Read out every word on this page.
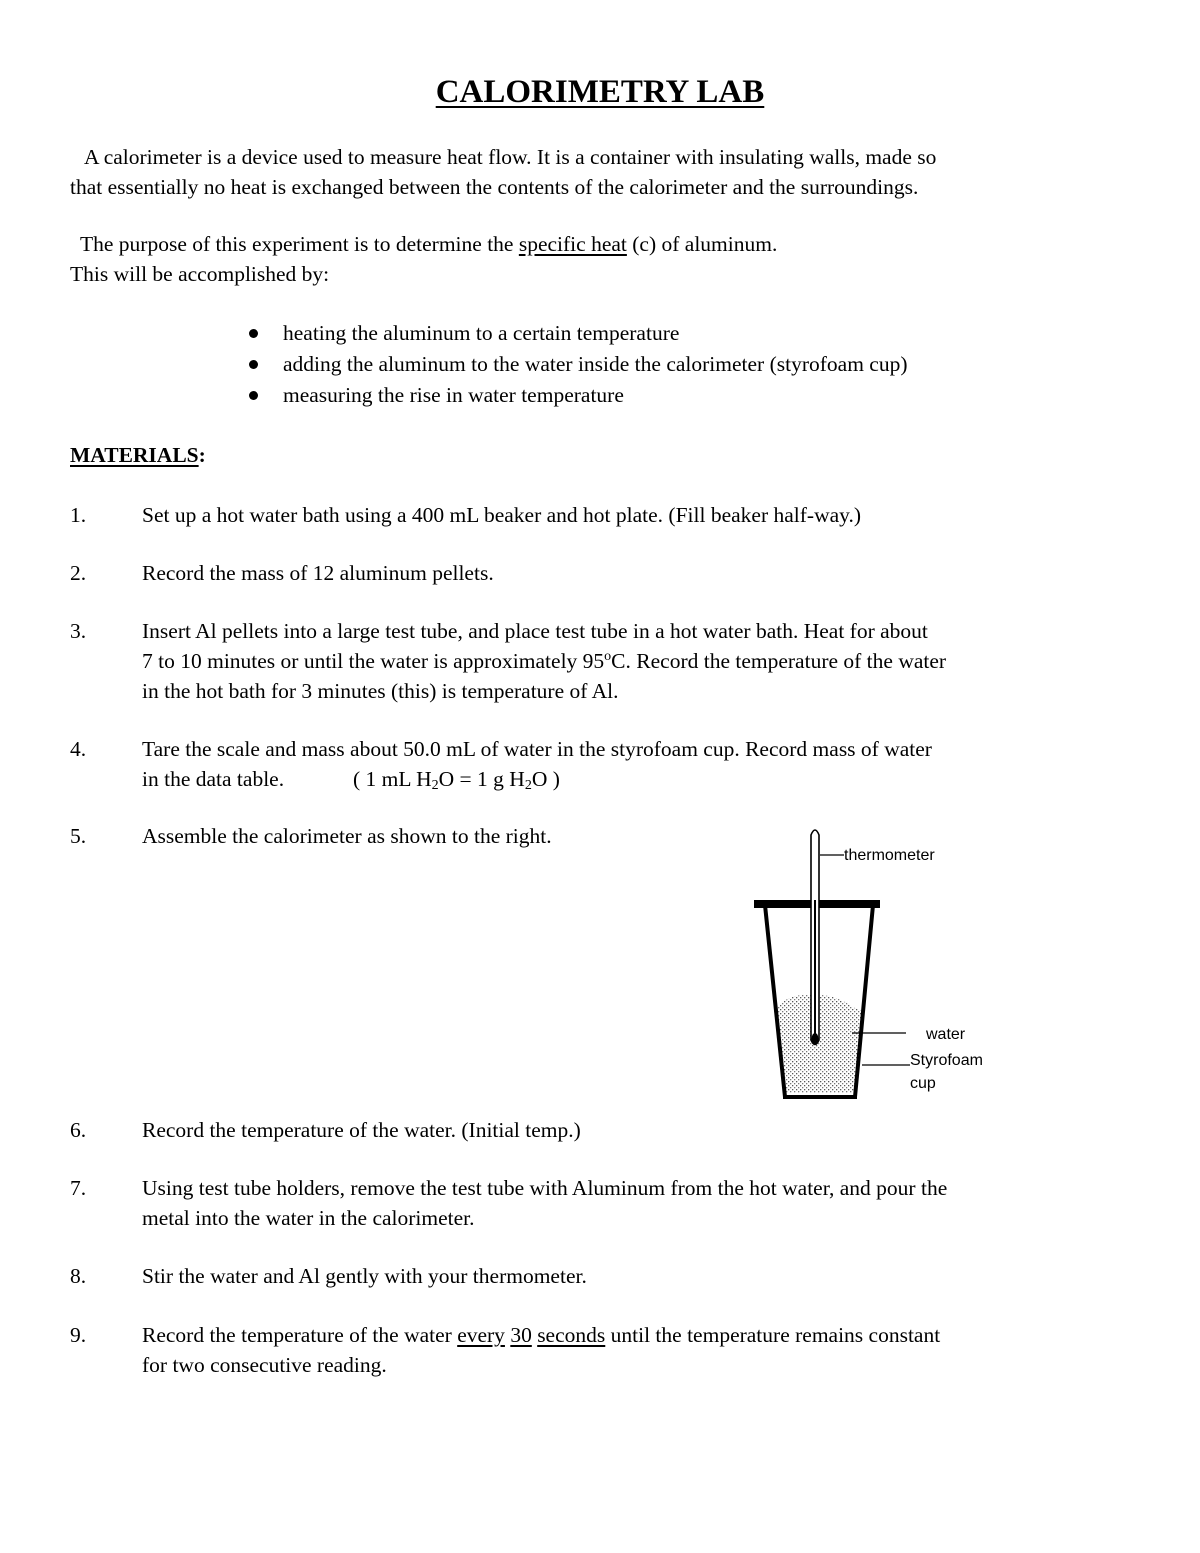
CALORIMETRY LAB
A calorimeter is a device used to measure heat flow. It is a container with insulating walls, made so
that essentially no heat is exchanged between the contents of the calorimeter and the surroundings.
The purpose of this experiment is to determine the specific heat (c) of aluminum.
This will be accomplished by:
heating the aluminum to a certain temperature
adding the aluminum to the water inside the calorimeter (styrofoam cup)
measuring the rise in water temperature
MATERIALS:
1.	Set up a hot water bath using a 400 mL beaker and hot plate. (Fill beaker half-way.)
2.	Record the mass of 12 aluminum pellets.
3.	Insert Al pellets into a large test tube, and place test tube in a hot water bath. Heat for about
7 to 10 minutes or until the water is approximately 95$^o$C. Record the temperature of the water
in the hot bath for 3 minutes (this) is temperature of Al.
4.	Tare the scale and mass about 50.0 mL of water in the styrofoam cup. Record mass of water
in the data table.	( 1 mL $H_2O = 1$ g $H_2O$ )
5.	Assemble the calorimeter as shown to the right.
thermometer
water
Styrofoam
cup
6.	Record the temperature of the water. (Initial temp.)
7.	Using test tube holders, remove the test tube with Aluminum from the hot water, and pour the
metal into the water in the calorimeter.
8.	Stir the water and Al gently with your thermometer.
9.	Record the temperature of the water every 30 seconds until the temperature remains constant
for two consecutive reading.
